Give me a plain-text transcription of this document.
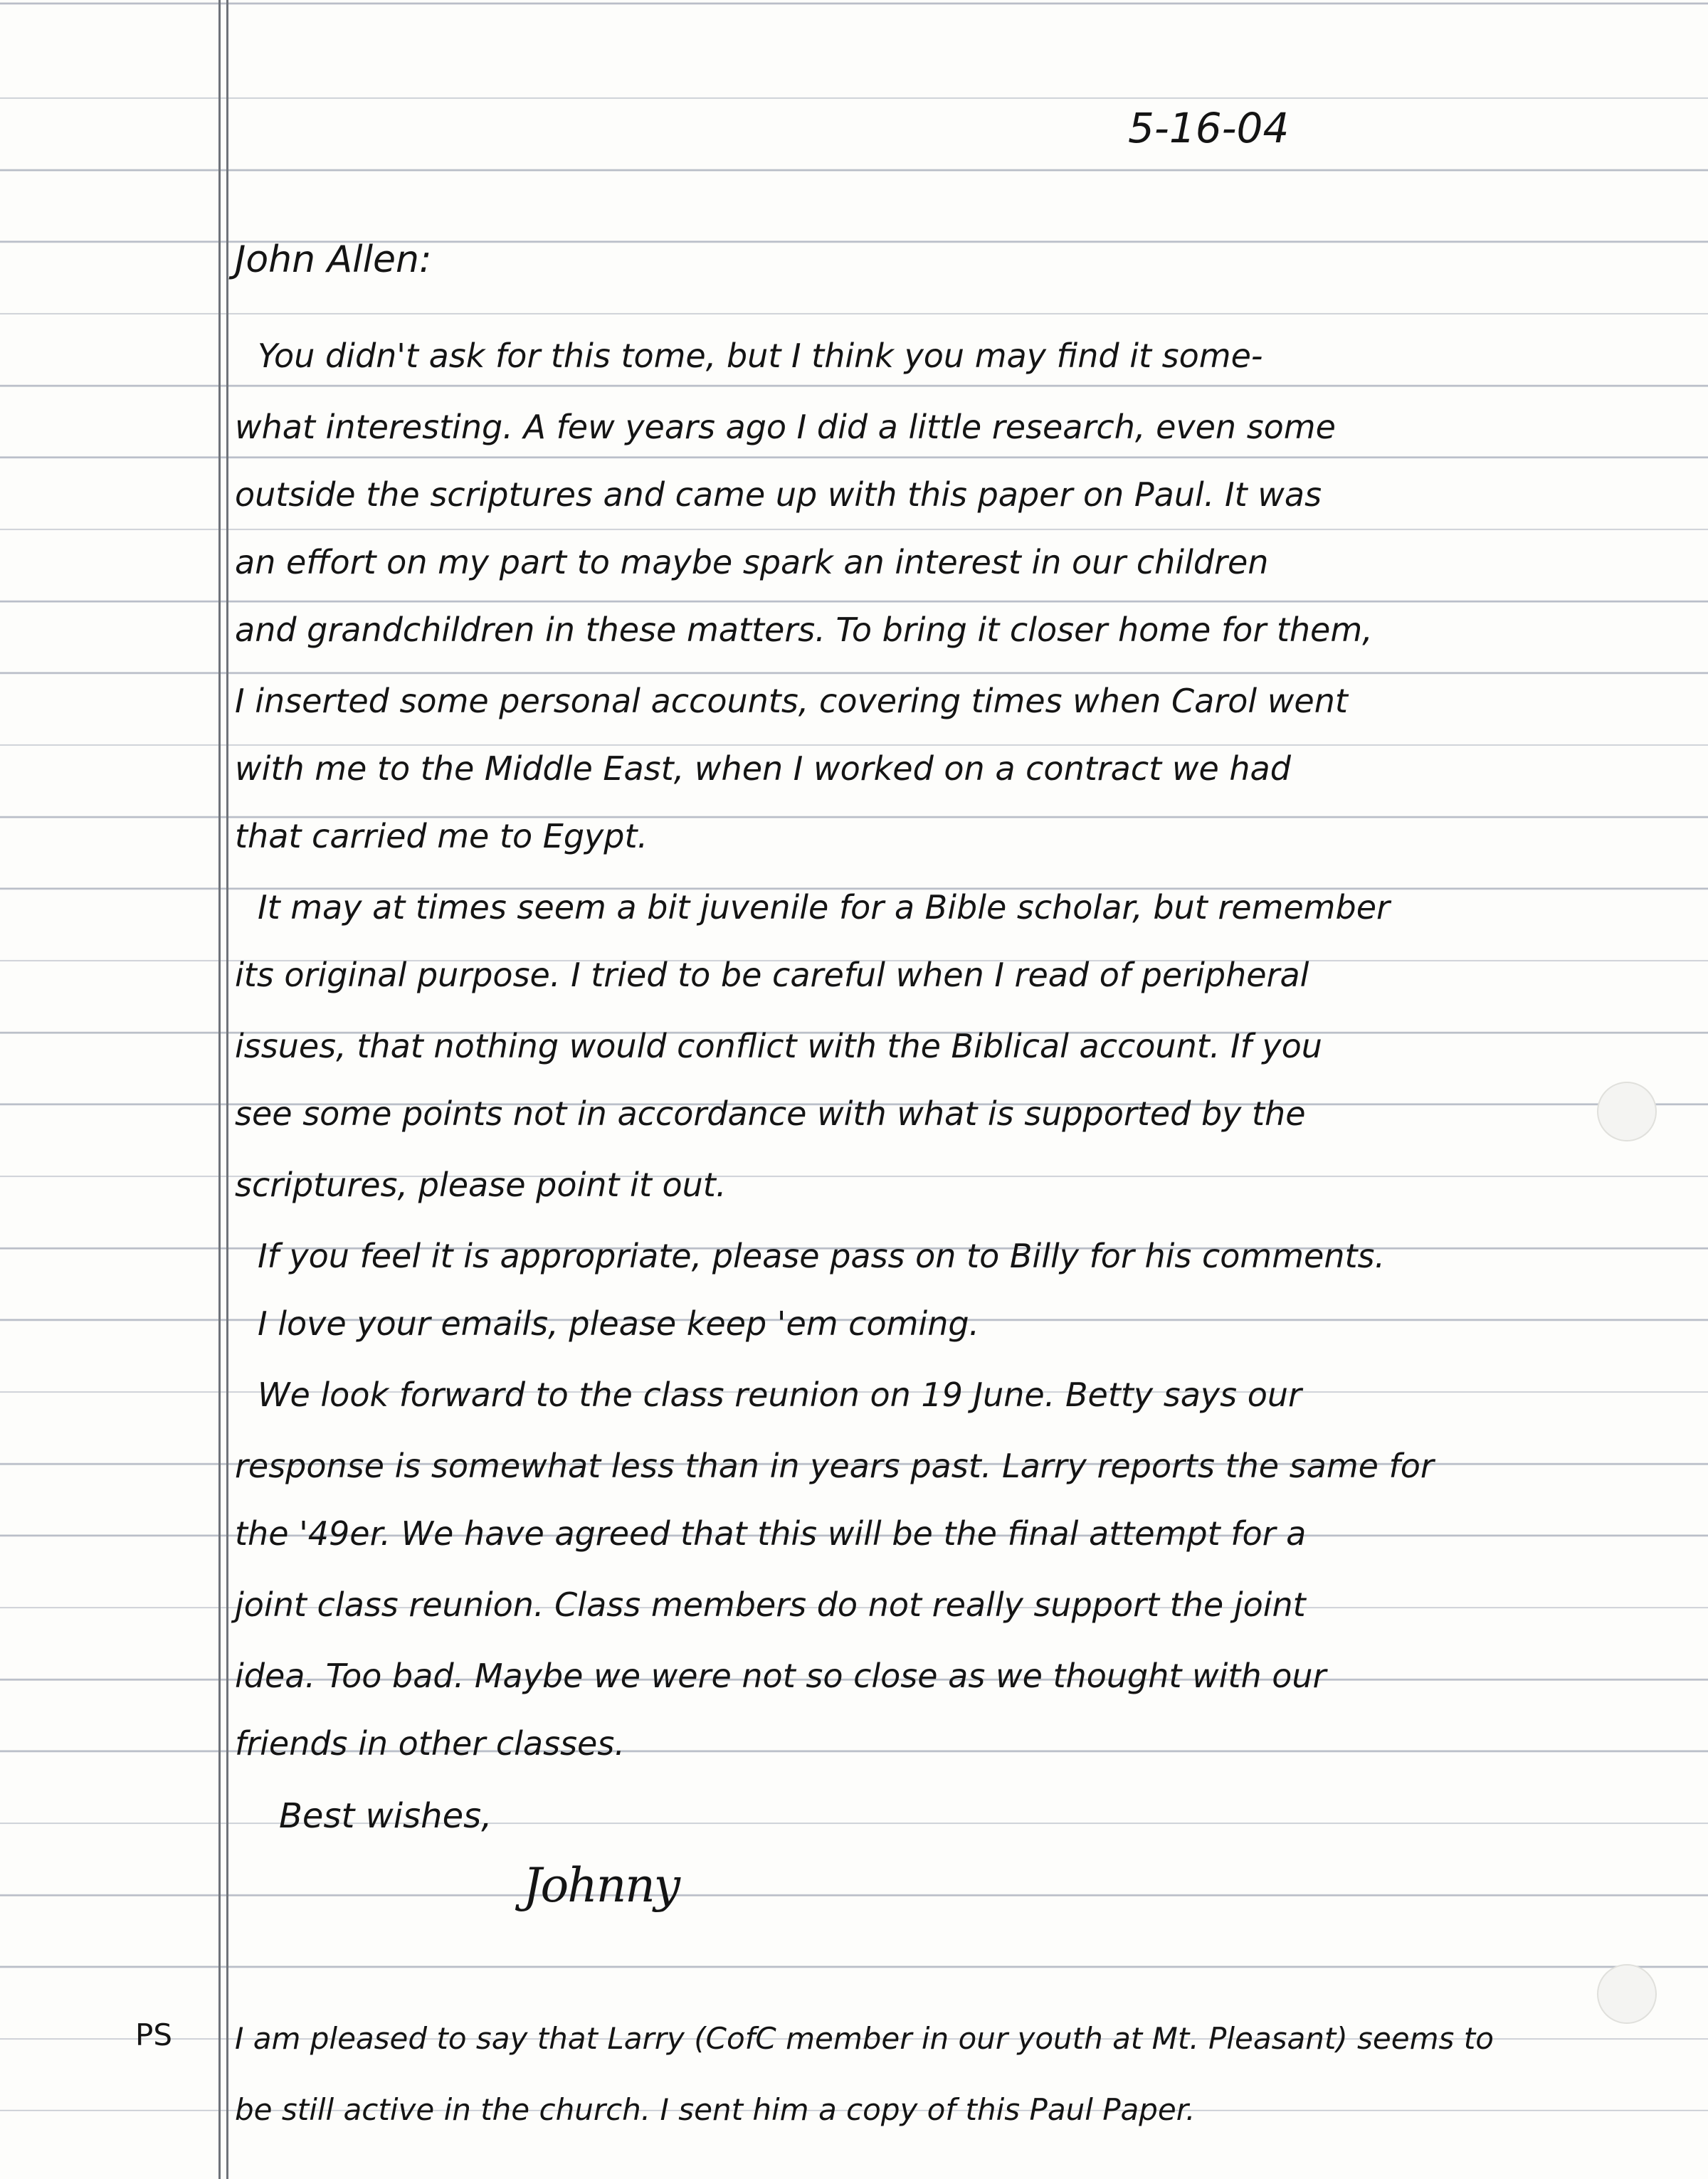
5-16-04
John Allen:
You didn't ask for this tome, but I think you may find it some-
what interesting. A few years ago I did a little research, even some
outside the scriptures and came up with this paper on Paul. It was
an effort on my part to maybe spark an interest in our children
and grandchildren in these matters. To bring it closer home for them,
I inserted some personal accounts, covering times when Carol went
with me to the Middle East, when I worked on a contract we had
that carried me to Egypt.
It may at times seem a bit juvenile for a Bible scholar, but remember
its original purpose. I tried to be careful when I read of peripheral
issues, that nothing would conflict with the Biblical account. If you
see some points not in accordance with what is supported by the
scriptures, please point it out.
If you feel it is appropriate, please pass on to Billy for his comments.
I love your emails, please keep 'em coming.
We look forward to the class reunion on 19 June. Betty says our
response is somewhat less than in years past. Larry reports the same for
the '49er. We have agreed that this will be the final attempt for a
joint class reunion. Class members do not really support the joint
idea. Too bad. Maybe we were not so close as we thought with our
friends in other classes.
Best wishes,
Johnny
PS I am pleased to say that Larry (CofC member in our youth at Mt. Pleasant) seems to
be still active in the church. I sent him a copy of this Paul Paper.
